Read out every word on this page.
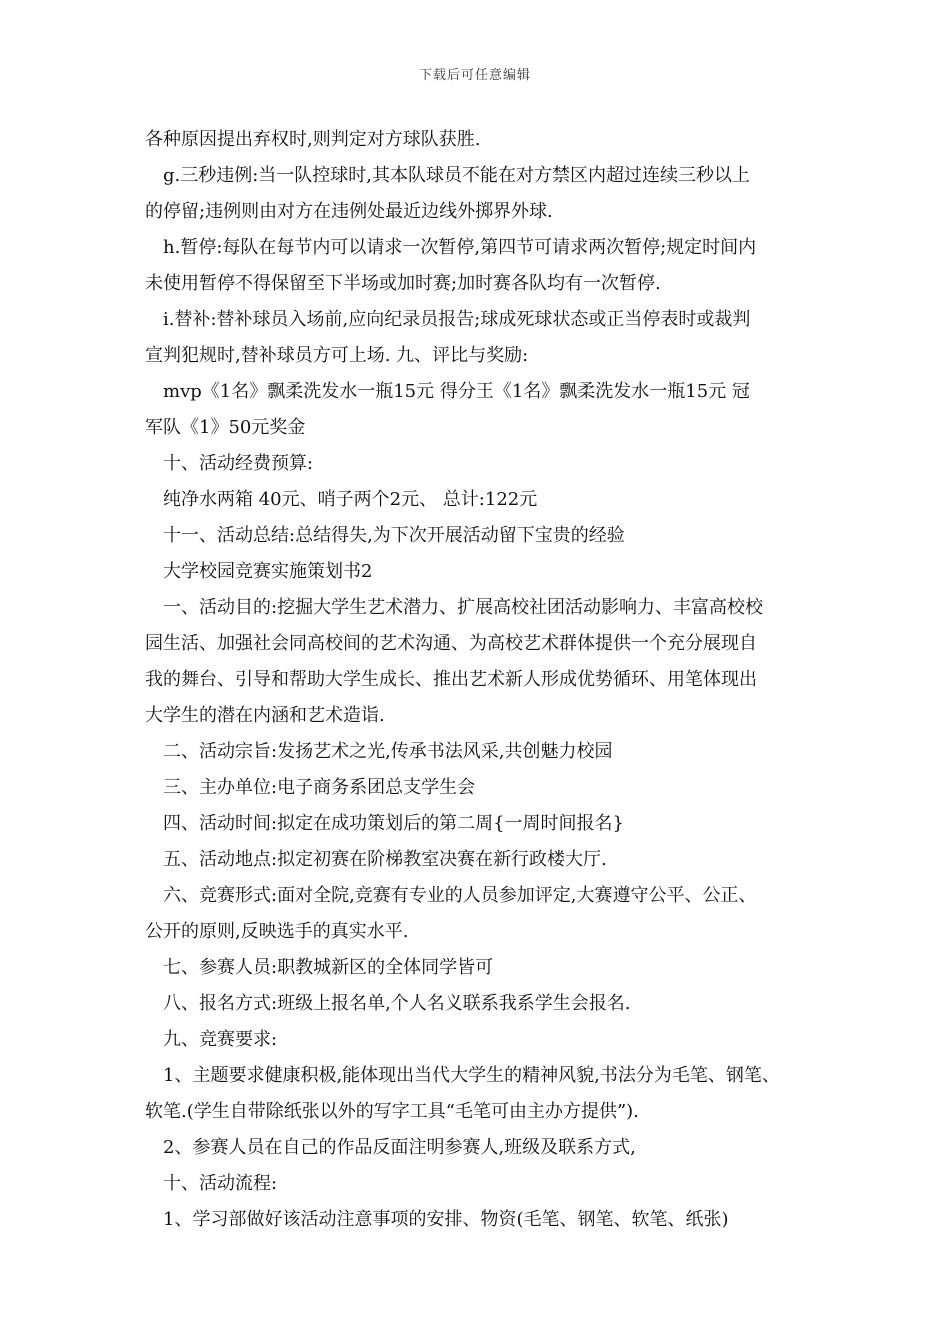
下载后可任意编辑

各种原因提出弃权时,则判定对方球队获胜.

g.三秒违例:当一队控球时,其本队球员不能在对方禁区内超过连续三秒以上

的停留;违例则由对方在违例处最近边线外掷界外球.

h.暂停:每队在每节内可以请求一次暂停,第四节可请求两次暂停;规定时间内

未使用暂停不得保留至下半场或加时赛;加时赛各队均有一次暂停.

i.替补:替补球员入场前,应向纪录员报告;球成死球状态或正当停表时或裁判

宣判犯规时,替补球员方可上场. 九、评比与奖励:

mvp《1名》飘柔洗发水一瓶15元 得分王《1名》飘柔洗发水一瓶15元 冠

军队《1》50元奖金

十、活动经费预算:

纯净水两箱 40元、哨子两个2元、 总计:122元

十一、活动总结:总结得失,为下次开展活动留下宝贵的经验

大学校园竞赛实施策划书2

一、活动目的:挖掘大学生艺术潜力、扩展高校社团活动影响力、丰富高校校

园生活、加强社会同高校间的艺术沟通、为高校艺术群体提供一个充分展现自

我的舞台、引导和帮助大学生成长、推出艺术新人形成优势循环、用笔体现出

大学生的潜在内涵和艺术造诣.

二、活动宗旨:发扬艺术之光,传承书法风采,共创魅力校园

三、主办单位:电子商务系团总支学生会

四、活动时间:拟定在成功策划后的第二周{一周时间报名}

五、活动地点:拟定初赛在阶梯教室决赛在新行政楼大厅.

六、竞赛形式:面对全院,竞赛有专业的人员参加评定,大赛遵守公平、公正、

公开的原则,反映选手的真实水平.

七、参赛人员:职教城新区的全体同学皆可

八、报名方式:班级上报名单,个人名义联系我系学生会报名.

九、竞赛要求:

1、主题要求健康积极,能体现出当代大学生的精神风貌,书法分为毛笔、钢笔、

软笔.(学生自带除纸张以外的写字工具“毛笔可由主办方提供”).

2、参赛人员在自己的作品反面注明参赛人,班级及联系方式,

十、活动流程:

1、学习部做好该活动注意事项的安排、物资(毛笔、钢笔、软笔、纸张)
